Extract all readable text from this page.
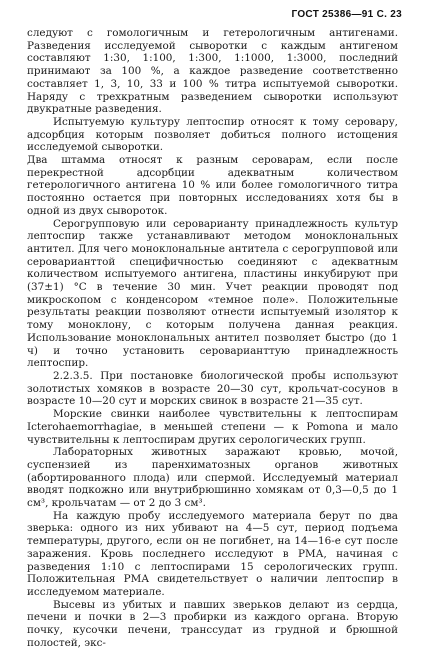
ГОСТ 25386—91 С. 23

следуют с гомологичным и гетерологичным антигенами. Разведения исследуемой сыворотки с каждым антигеном составляют 1:30, 1:100, 1:300, 1:1000, 1:3000, последний принимают за 100 %, а каждое разведение соответственно составляет 1, 3, 10, 33 и 100 % титра испытуемой сыворотки. Наряду с трехкратным разведением сыворотки используют двукратные разведения.

Испытуемую культуру лептоспир относят к тому серовару, адсорбция которым позволяет добиться полного истощения исследуемой сыворотки.

Два штамма относят к разным сероварам, если после перекрестной адсорбции адекватным количеством гетерологичного антигена 10 % или более гомологичного титра постоянно остается при повторных исследованиях хотя бы в одной из двух сывороток.

Серогрупповую или сероварианту принадлежность культур лептоспир также устанавливают методом моноклональных антител. Для чего моноклональные антитела с серогрупповой или сероварианттой специфичностью соединяют с адекватным количеством испытуемого антигена, пластины инкубируют при (37±1) °С в течение 30 мин. Учет реакции проводят под микроскопом с конденсором «темное поле». Положительные результаты реакции позволяют отнести испытуемый изолятор к тому моноклону, с которым получена данная реакция. Использование моноклональных антител позволяет быстро (до 1 ч) и точно установить сероварианттую принадлежность лептоспир.

2.2.3.5. При постановке биологической пробы используют золотистых хомяков в возрасте 20—30 сут, крольчат-сосунов в возрасте 10—20 сут и морских свинок в возрасте 21—35 сут.

Морские свинки наиболее чувствительны к лептоспирам Icterohaemorrhagiae, в меньшей степени — к Pomona и мало чувствительны к лептоспирам других серологических групп.

Лабораторных животных заражают кровью, мочой, суспензией из паренхиматозных органов животных (абортированного плода) или спермой. Исследуемый материал вводят подкожно или внутрибрюшинно хомякам от 0,3—0,5 до 1 см³, крольчатам — от 2 до 3 см³.

На каждую пробу исследуемого материала берут по два зверька: одного из них убивают на 4—5 сут, период подъема температуры, другого, если он не погибнет, на 14—16-е сут после заражения. Кровь последнего исследуют в РМА, начиная с разведения 1:10 с лептоспирами 15 серологических групп. Положительная РМА свидетельствует о наличии лептоспир в исследуемом материале.

Высевы из убитых и павших зверьков делают из сердца, печени и почки в 2—3 пробирки из каждого органа. Вторую почку, кусочки печени, транссудат из грудной и брюшной полостей, экс-
